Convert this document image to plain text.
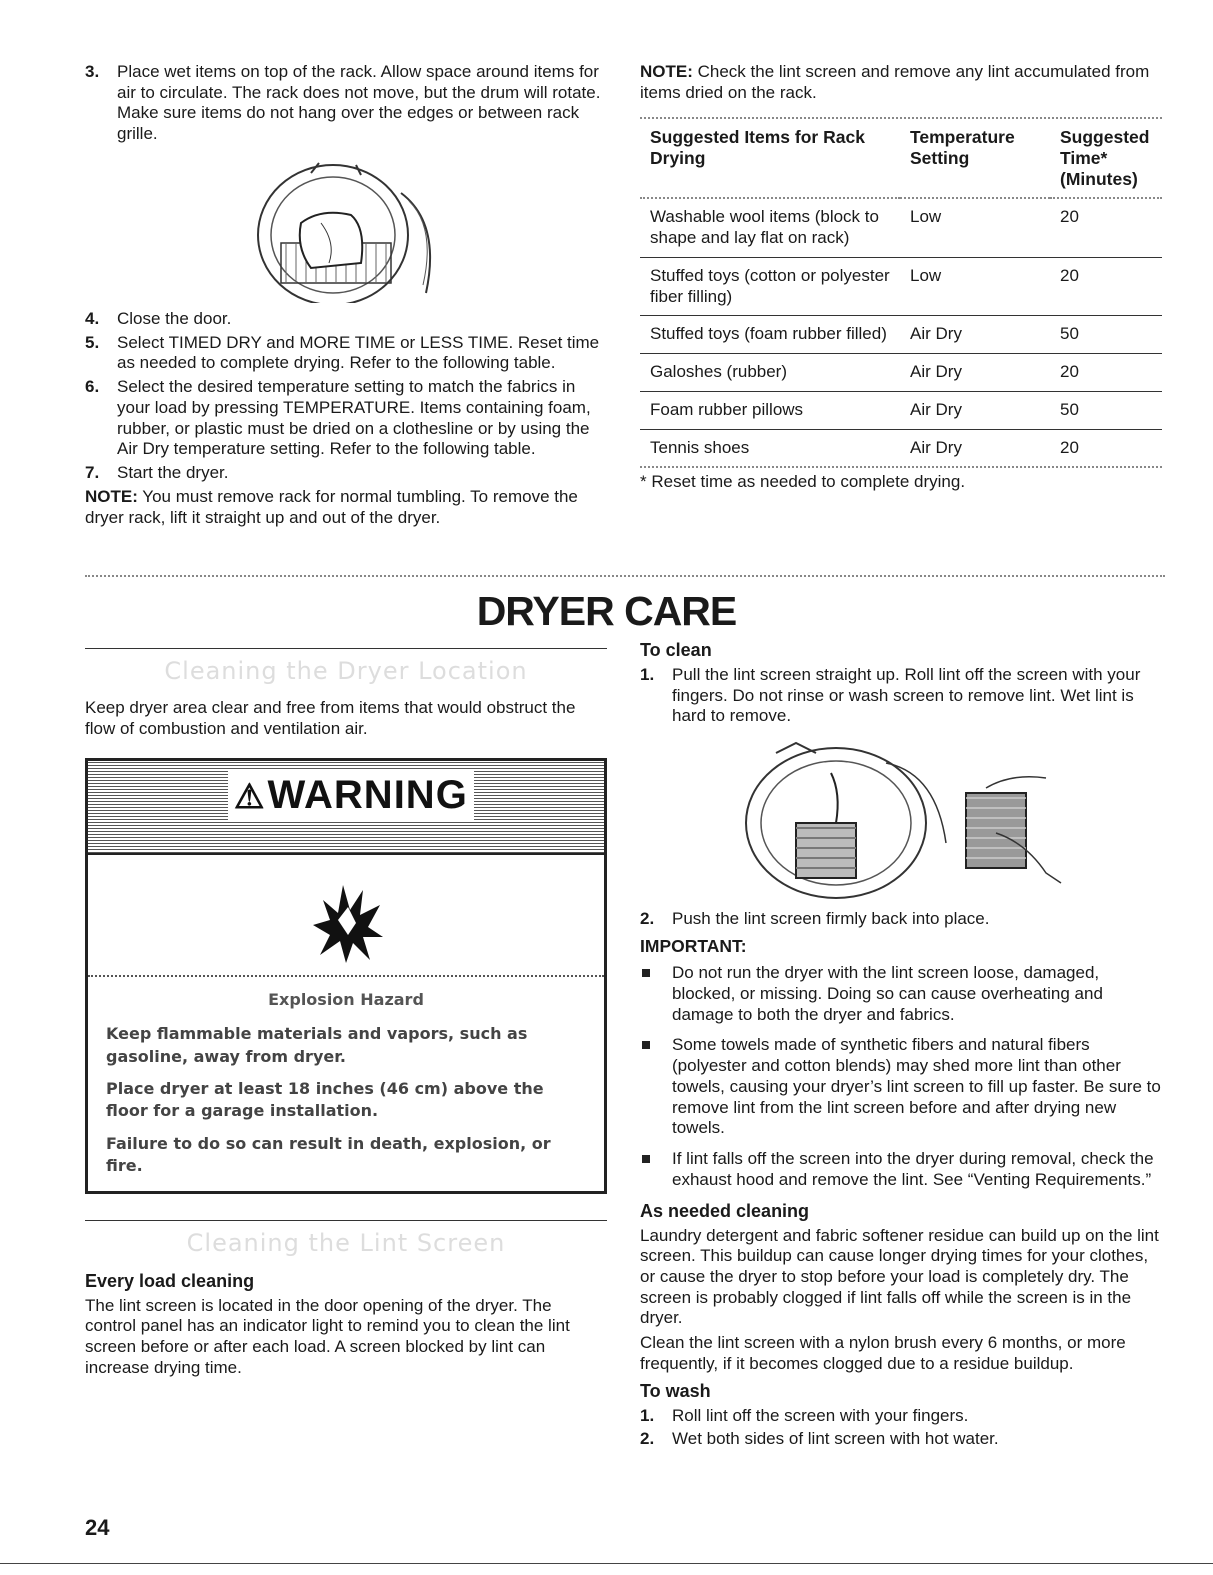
3. Place wet items on top of the rack. Allow space around items for air to circulate. The rack does not move, but the drum will rotate. Make sure items do not hang over the edges or between rack grille.
4. Close the door.
5. Select TIMED DRY and MORE TIME or LESS TIME. Reset time as needed to complete drying. Refer to the following table.
6. Select the desired temperature setting to match the fabrics in your load by pressing TEMPERATURE. Items containing foam, rubber, or plastic must be dried on a clothesline or by using the Air Dry temperature setting. Refer to the following table.
7. Start the dryer.

NOTE: You must remove rack for normal tumbling. To remove the dryer rack, lift it straight up and out of the dryer.

NOTE: Check the lint screen and remove any lint accumulated from items dried on the rack.

Suggested Items for Rack Drying	Temperature Setting	Suggested Time* (Minutes)
Washable wool items (block to shape and lay flat on rack)	Low	20
Stuffed toys (cotton or polyester fiber filling)	Low	20
Stuffed toys (foam rubber filled)	Air Dry	50
Galoshes (rubber)	Air Dry	20
Foam rubber pillows	Air Dry	50
Tennis shoes	Air Dry	20
* Reset time as needed to complete drying.
DRYER CARE
Cleaning the Dryer Location

Keep dryer area clear and free from items that would obstruct the flow of combustion and ventilation air.

⚠WARNING
Explosion Hazard

Keep flammable materials and vapors, such as gasoline, away from dryer.

Place dryer at least 18 inches (46 cm) above the floor for a garage installation.

Failure to do so can result in death, explosion, or fire.

Cleaning the Lint Screen
Every load cleaning

The lint screen is located in the door opening of the dryer. The control panel has an indicator light to remind you to clean the lint screen before or after each load. A screen blocked by lint can increase drying time.

To clean
1. Pull the lint screen straight up. Roll lint off the screen with your fingers. Do not rinse or wash screen to remove lint. Wet lint is hard to remove.
2. Push the lint screen firmly back into place.
IMPORTANT:
Do not run the dryer with the lint screen loose, damaged, blocked, or missing. Doing so can cause overheating and damage to both the dryer and fabrics.
Some towels made of synthetic fibers and natural fibers (polyester and cotton blends) may shed more lint than other towels, causing your dryer’s lint screen to fill up faster. Be sure to remove lint from the lint screen before and after drying new towels.
If lint falls off the screen into the dryer during removal, check the exhaust hood and remove the lint. See “Venting Requirements.”
As needed cleaning

Laundry detergent and fabric softener residue can build up on the lint screen. This buildup can cause longer drying times for your clothes, or cause the dryer to stop before your load is completely dry. The screen is probably clogged if lint falls off while the screen is in the dryer.

Clean the lint screen with a nylon brush every 6 months, or more frequently, if it becomes clogged due to a residue buildup.

To wash
1. Roll lint off the screen with your fingers.
2. Wet both sides of lint screen with hot water.
24
